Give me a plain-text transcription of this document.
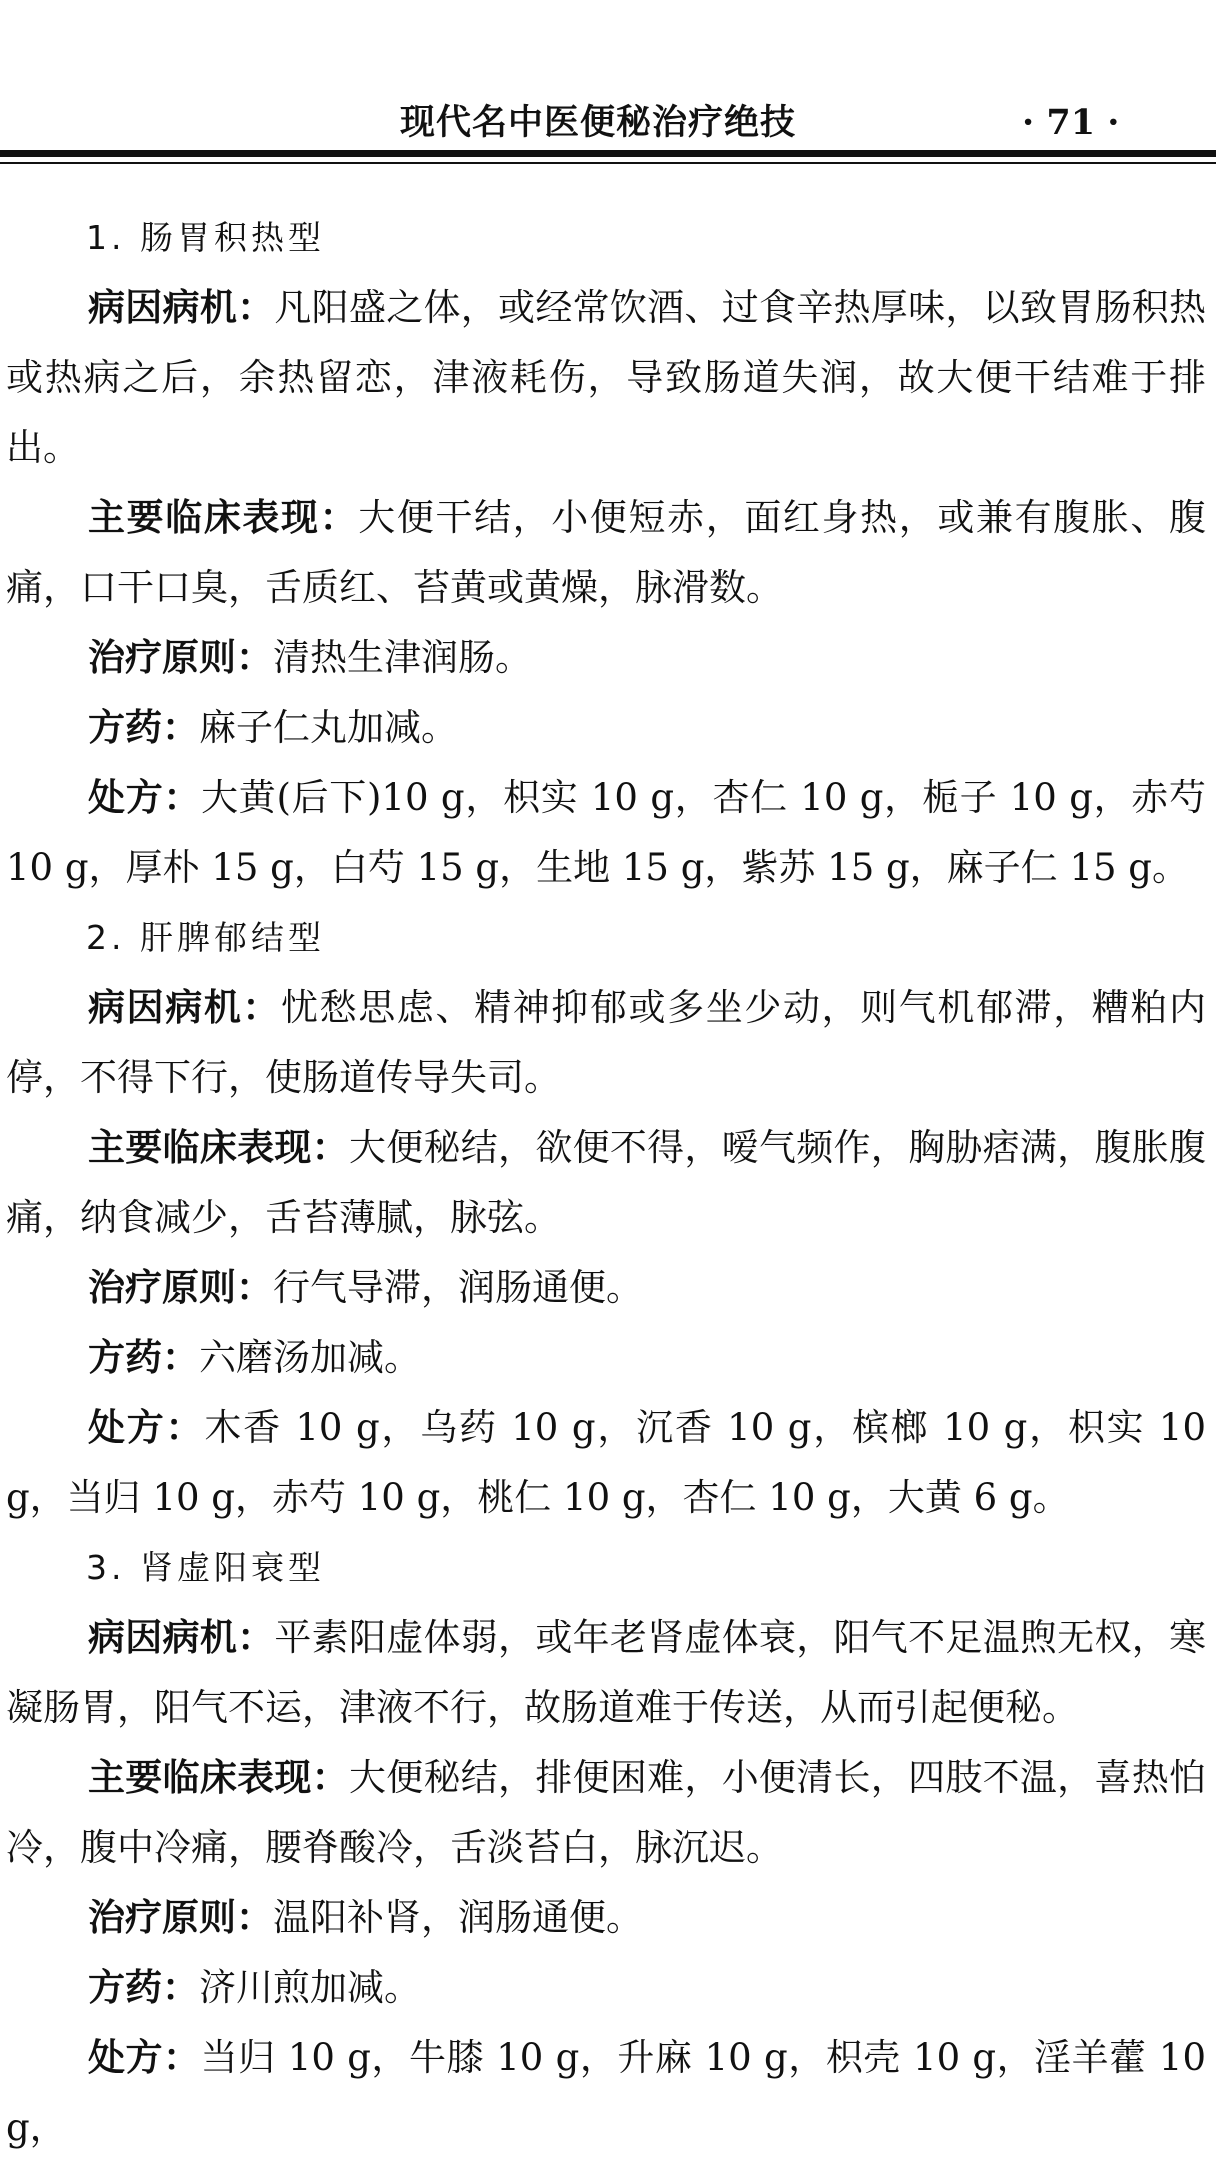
现代名中医便秘治疗绝技	· 71 ·

1. 肠胃积热型

病因病机：凡阳盛之体，或经常饮酒、过食辛热厚味，以致胃肠积热或热病之后，余热留恋，津液耗伤，导致肠道失润，故大便干结难于排出。

主要临床表现：大便干结，小便短赤，面红身热，或兼有腹胀、腹痛，口干口臭，舌质红、苔黄或黄燥，脉滑数。

治疗原则：清热生津润肠。

方药：麻子仁丸加减。

处方：大黄(后下)10 g，枳实 10 g，杏仁 10 g，栀子 10 g，赤芍 10 g，厚朴 15 g，白芍 15 g，生地 15 g，紫苏 15 g，麻子仁 15 g。

2. 肝脾郁结型

病因病机：忧愁思虑、精神抑郁或多坐少动，则气机郁滞，糟粕内停，不得下行，使肠道传导失司。

主要临床表现：大便秘结，欲便不得，嗳气频作，胸胁痞满，腹胀腹痛，纳食减少，舌苔薄腻，脉弦。

治疗原则：行气导滞，润肠通便。

方药：六磨汤加减。

处方：木香 10 g，乌药 10 g，沉香 10 g，槟榔 10 g，枳实 10 g，当归 10 g，赤芍 10 g，桃仁 10 g，杏仁 10 g，大黄 6 g。

3. 肾虚阳衰型

病因病机：平素阳虚体弱，或年老肾虚体衰，阳气不足温煦无权，寒凝肠胃，阳气不运，津液不行，故肠道难于传送，从而引起便秘。

主要临床表现：大便秘结，排便困难，小便清长，四肢不温，喜热怕冷，腹中冷痛，腰脊酸冷，舌淡苔白，脉沉迟。

治疗原则：温阳补肾，润肠通便。

方药：济川煎加减。

处方：当归 10 g，牛膝 10 g，升麻 10 g，枳壳 10 g，淫羊藿 10 g，
